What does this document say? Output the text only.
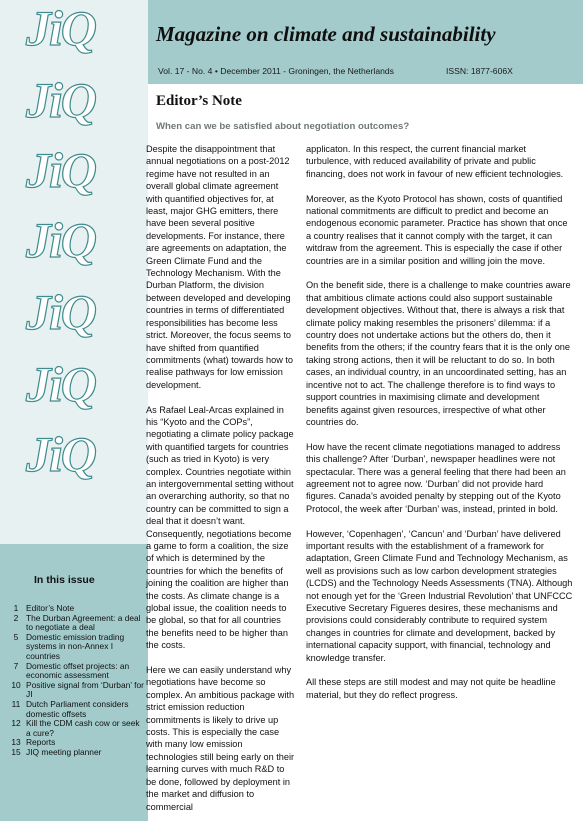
JiQ
JiQ
JiQ
JiQ
JiQ
JiQ
JiQ
In this issue
1 Editor’s Note
2 The Durban Agreement: a deal to negotiate a deal
5 Domestic emission trading systems in non-Annex I countries
7 Domestic offset projects: an economic assessment
10 Positive signal from ‘Durban’ for JI
11 Dutch Parliament considers domestic offsets
12 Kill the CDM cash cow or seek a cure?
13 Reports
15 JIQ meeting planner
Magazine on climate and sustainability
Vol. 17 - No. 4 • December 2011 - Groningen, the Netherlands	ISSN: 1877-606X
Editor’s Note
When can we be satisfied about negotiation outcomes?

Despite the disappointment that annual negotiations on a post-2012 regime have not resulted in an overall global climate agreement with quantified objectives for, at least, major GHG emitters, there have been several positive developments. For instance, there are agreements on adaptation, the Green Climate Fund and the Technology Mechanism. With the Durban Platform, the division between developed and developing countries in terms of differentiated responsibilities has become less strict. Moreover, the focus seems to have shifted from quantified commitments (what) towards how to realise pathways for low emission development.

As Rafael Leal-Arcas explained in his “Kyoto and the COPs”, negotiating a climate policy package with quantified targets for countries (such as tried in Kyoto) is very complex. Countries negotiate within an intergovernmental setting without an overarching authority, so that no country can be committed to sign a deal that it doesn’t want. Consequently, negotiations become a game to form a coalition, the size of which is determined by the countries for which the benefits of joining the coalition are higher than the costs. As climate change is a global issue, the coalition needs to be global, so that for all countries the benefits need to be higher than the costs.

Here we can easily understand why negotiations have become so complex. An ambitious package with strict emission reduction commitments is likely to drive up costs. This is especially the case with many low emission technologies still being early on their learning curves with much R&D to be done, followed by deployment in the market and diffusion to commercial

applicaton. In this respect, the current financial market turbulence, with reduced availability of private and public financing, does not work in favour of new efficient technologies.

Moreover, as the Kyoto Protocol has shown, costs of quantified national commitments are difficult to predict and become an endogenous economic parameter. Practice has shown that once a country realises that it cannot comply with the target, it can witdraw from the agreement. This is especially the case if other countries are in a similar position and willing join the move.

On the benefit side, there is a challenge to make countries aware that ambitious climate actions could also support sustainable development objectives. Without that, there is always a risk that climate policy making resembles the prisoners’ dilemma: if a country does not undertake actions but the others do, then it benefits from the others; if the country fears that it is the only one taking strong actions, then it will be reluctant to do so. In both cases, an individual country, in an uncoordinated setting, has an incentive not to act. The challenge therefore is to find ways to support countries in maximising climate and development benefits against given resources, irrespective of what other countries do.

How have the recent climate negotiations managed to address this challenge? After ‘Durban’, newspaper headlines were not spectacular. There was a general feeling that there had been an agreement not to agree now. ‘Durban’ did not provide hard figures. Canada’s avoided penalty by stepping out of the Kyoto Protocol, the week after ‘Durban’ was, instead, printed in bold.

However, ‘Copenhagen’, ‘Cancun’ and ‘Durban’ have delivered important results with the establishment of a framework for adaptation, Green Climate Fund and Technology Mechanism, as well as provisions such as low carbon development strategies (LCDS) and the Technology Needs Assessments (TNA). Although not enough yet for the ‘Green Industrial Revolution’ that UNFCCC Executive Secretary Figueres desires, these mechanisms and provisions could considerably contribute to required system changes in countries for climate and development, backed by international capacity support, with financial, technology and knowledge transfer.

All these steps are still modest and may not quite be headline material, but they do reflect progress.
